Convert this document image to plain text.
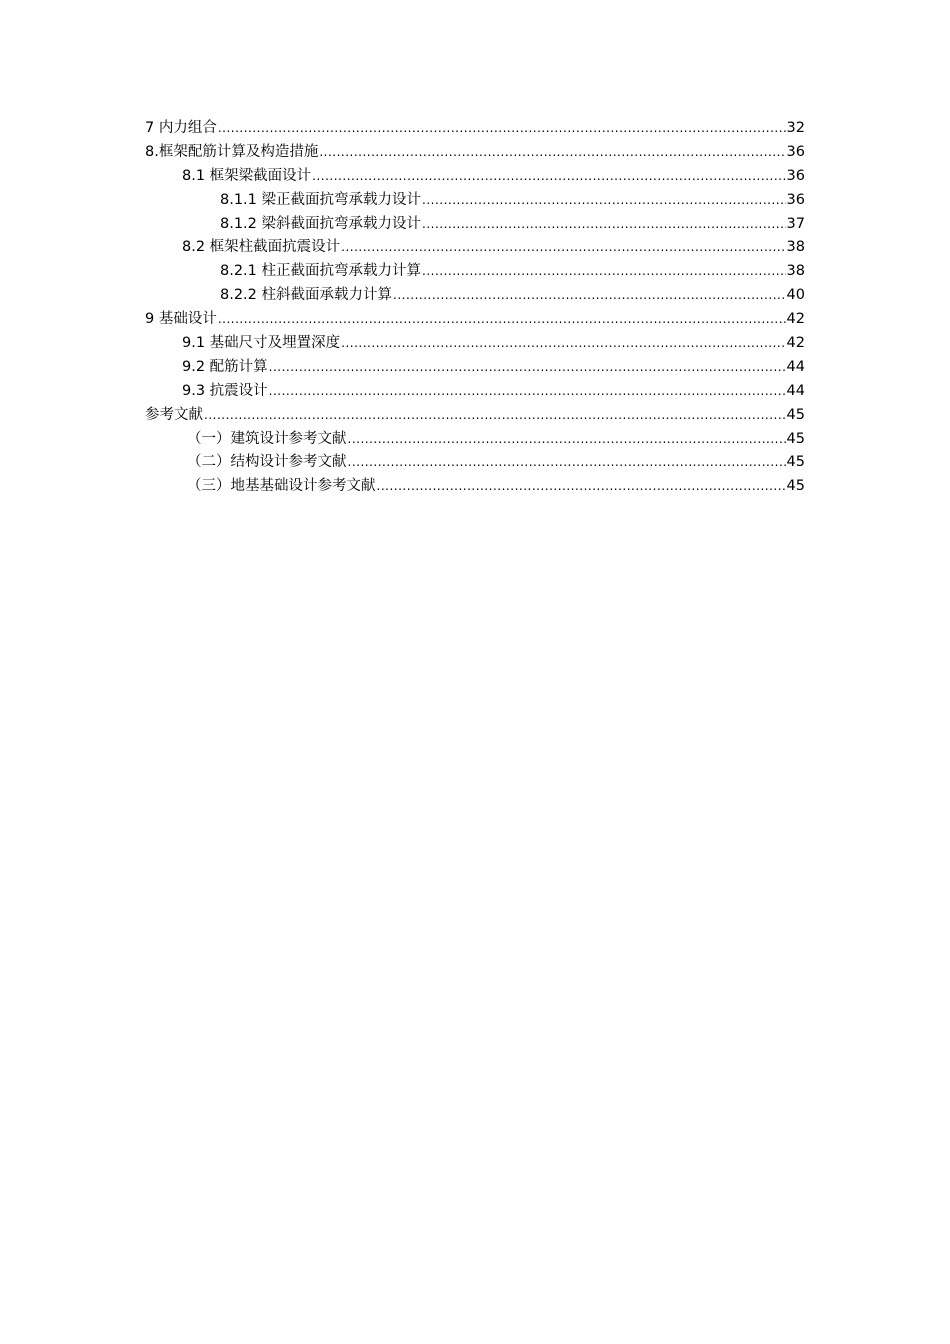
7 内力组合 .....	32
8.框架配筋计算及构造措施 .....	36
8.1 框架梁截面设计 .....	36
8.1.1 梁正截面抗弯承载力设计 .....	36
8.1.2 梁斜截面抗弯承载力设计 .....	37
8.2 框架柱截面抗震设计 .....	38
8.2.1 柱正截面抗弯承载力计算 .....	38
8.2.2 柱斜截面承载力计算 .....	40
9 基础设计 .....	42
9.1 基础尺寸及埋置深度 .....	42
9.2 配筋计算 .....	44
9.3 抗震设计 .....	44
参考文献 .....	45
（一）建筑设计参考文献 .....	45
（二）结构设计参考文献 .....	45
（三）地基基础设计参考文献 .....	45
